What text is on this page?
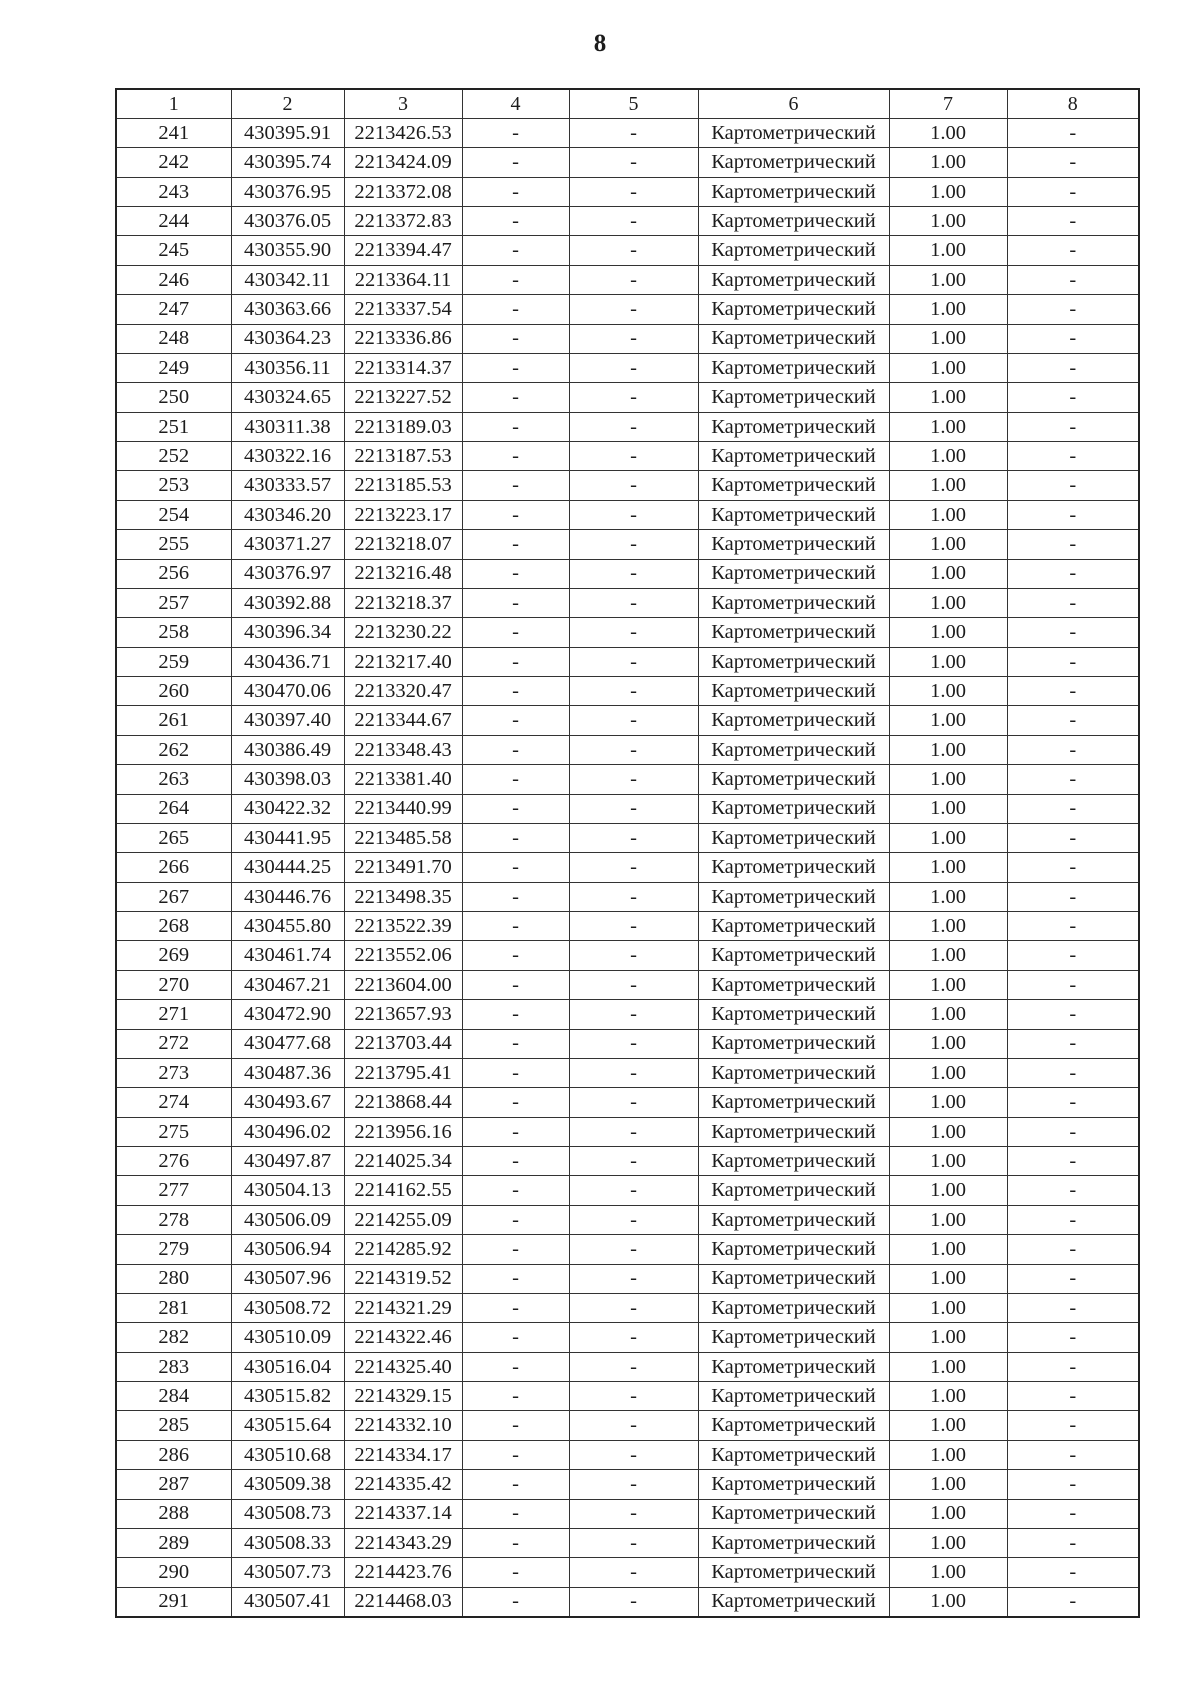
8
1	2	3	4	5	6	7	8
241	430395.91	2213426.53	-	-	Картометрический	1.00	-
242	430395.74	2213424.09	-	-	Картометрический	1.00	-
243	430376.95	2213372.08	-	-	Картометрический	1.00	-
244	430376.05	2213372.83	-	-	Картометрический	1.00	-
245	430355.90	2213394.47	-	-	Картометрический	1.00	-
246	430342.11	2213364.11	-	-	Картометрический	1.00	-
247	430363.66	2213337.54	-	-	Картометрический	1.00	-
248	430364.23	2213336.86	-	-	Картометрический	1.00	-
249	430356.11	2213314.37	-	-	Картометрический	1.00	-
250	430324.65	2213227.52	-	-	Картометрический	1.00	-
251	430311.38	2213189.03	-	-	Картометрический	1.00	-
252	430322.16	2213187.53	-	-	Картометрический	1.00	-
253	430333.57	2213185.53	-	-	Картометрический	1.00	-
254	430346.20	2213223.17	-	-	Картометрический	1.00	-
255	430371.27	2213218.07	-	-	Картометрический	1.00	-
256	430376.97	2213216.48	-	-	Картометрический	1.00	-
257	430392.88	2213218.37	-	-	Картометрический	1.00	-
258	430396.34	2213230.22	-	-	Картометрический	1.00	-
259	430436.71	2213217.40	-	-	Картометрический	1.00	-
260	430470.06	2213320.47	-	-	Картометрический	1.00	-
261	430397.40	2213344.67	-	-	Картометрический	1.00	-
262	430386.49	2213348.43	-	-	Картометрический	1.00	-
263	430398.03	2213381.40	-	-	Картометрический	1.00	-
264	430422.32	2213440.99	-	-	Картометрический	1.00	-
265	430441.95	2213485.58	-	-	Картометрический	1.00	-
266	430444.25	2213491.70	-	-	Картометрический	1.00	-
267	430446.76	2213498.35	-	-	Картометрический	1.00	-
268	430455.80	2213522.39	-	-	Картометрический	1.00	-
269	430461.74	2213552.06	-	-	Картометрический	1.00	-
270	430467.21	2213604.00	-	-	Картометрический	1.00	-
271	430472.90	2213657.93	-	-	Картометрический	1.00	-
272	430477.68	2213703.44	-	-	Картометрический	1.00	-
273	430487.36	2213795.41	-	-	Картометрический	1.00	-
274	430493.67	2213868.44	-	-	Картометрический	1.00	-
275	430496.02	2213956.16	-	-	Картометрический	1.00	-
276	430497.87	2214025.34	-	-	Картометрический	1.00	-
277	430504.13	2214162.55	-	-	Картометрический	1.00	-
278	430506.09	2214255.09	-	-	Картометрический	1.00	-
279	430506.94	2214285.92	-	-	Картометрический	1.00	-
280	430507.96	2214319.52	-	-	Картометрический	1.00	-
281	430508.72	2214321.29	-	-	Картометрический	1.00	-
282	430510.09	2214322.46	-	-	Картометрический	1.00	-
283	430516.04	2214325.40	-	-	Картометрический	1.00	-
284	430515.82	2214329.15	-	-	Картометрический	1.00	-
285	430515.64	2214332.10	-	-	Картометрический	1.00	-
286	430510.68	2214334.17	-	-	Картометрический	1.00	-
287	430509.38	2214335.42	-	-	Картометрический	1.00	-
288	430508.73	2214337.14	-	-	Картометрический	1.00	-
289	430508.33	2214343.29	-	-	Картометрический	1.00	-
290	430507.73	2214423.76	-	-	Картометрический	1.00	-
291	430507.41	2214468.03	-	-	Картометрический	1.00	-
